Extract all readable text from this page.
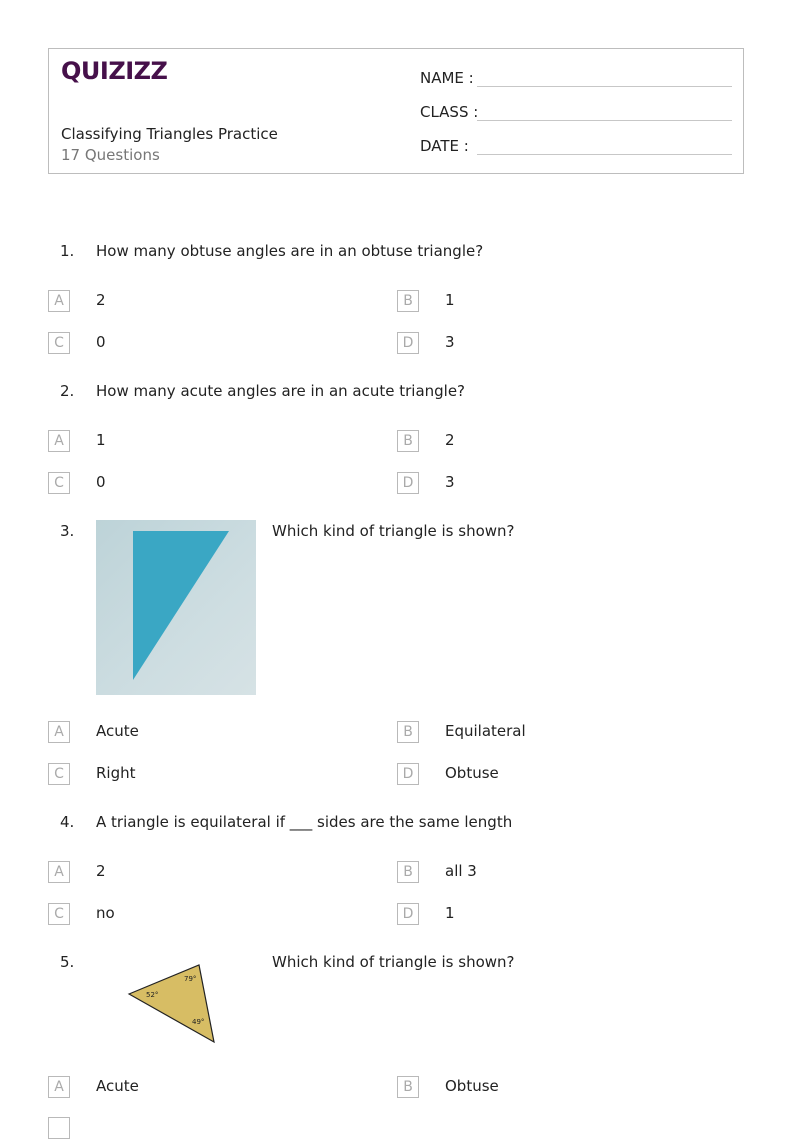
QUIZIZZ
Classifying Triangles Practice
17 Questions
NAME :
CLASS :
DATE :
1. How many obtuse angles are in an obtuse triangle?
A	2	B	1
C	0	D	3
2. How many acute angles are in an acute triangle?
A	1	B	2
C	0	D	3
3.	Which kind of triangle is shown?
A	Acute	B	Equilateral
C	Right	D	Obtuse
4. A triangle is equilateral if ___ sides are the same length
A	2	B	all 3
C	no	D	1
5.
79°
52°
49°
Which kind of triangle is shown?
A	Acute	B	Obtuse
